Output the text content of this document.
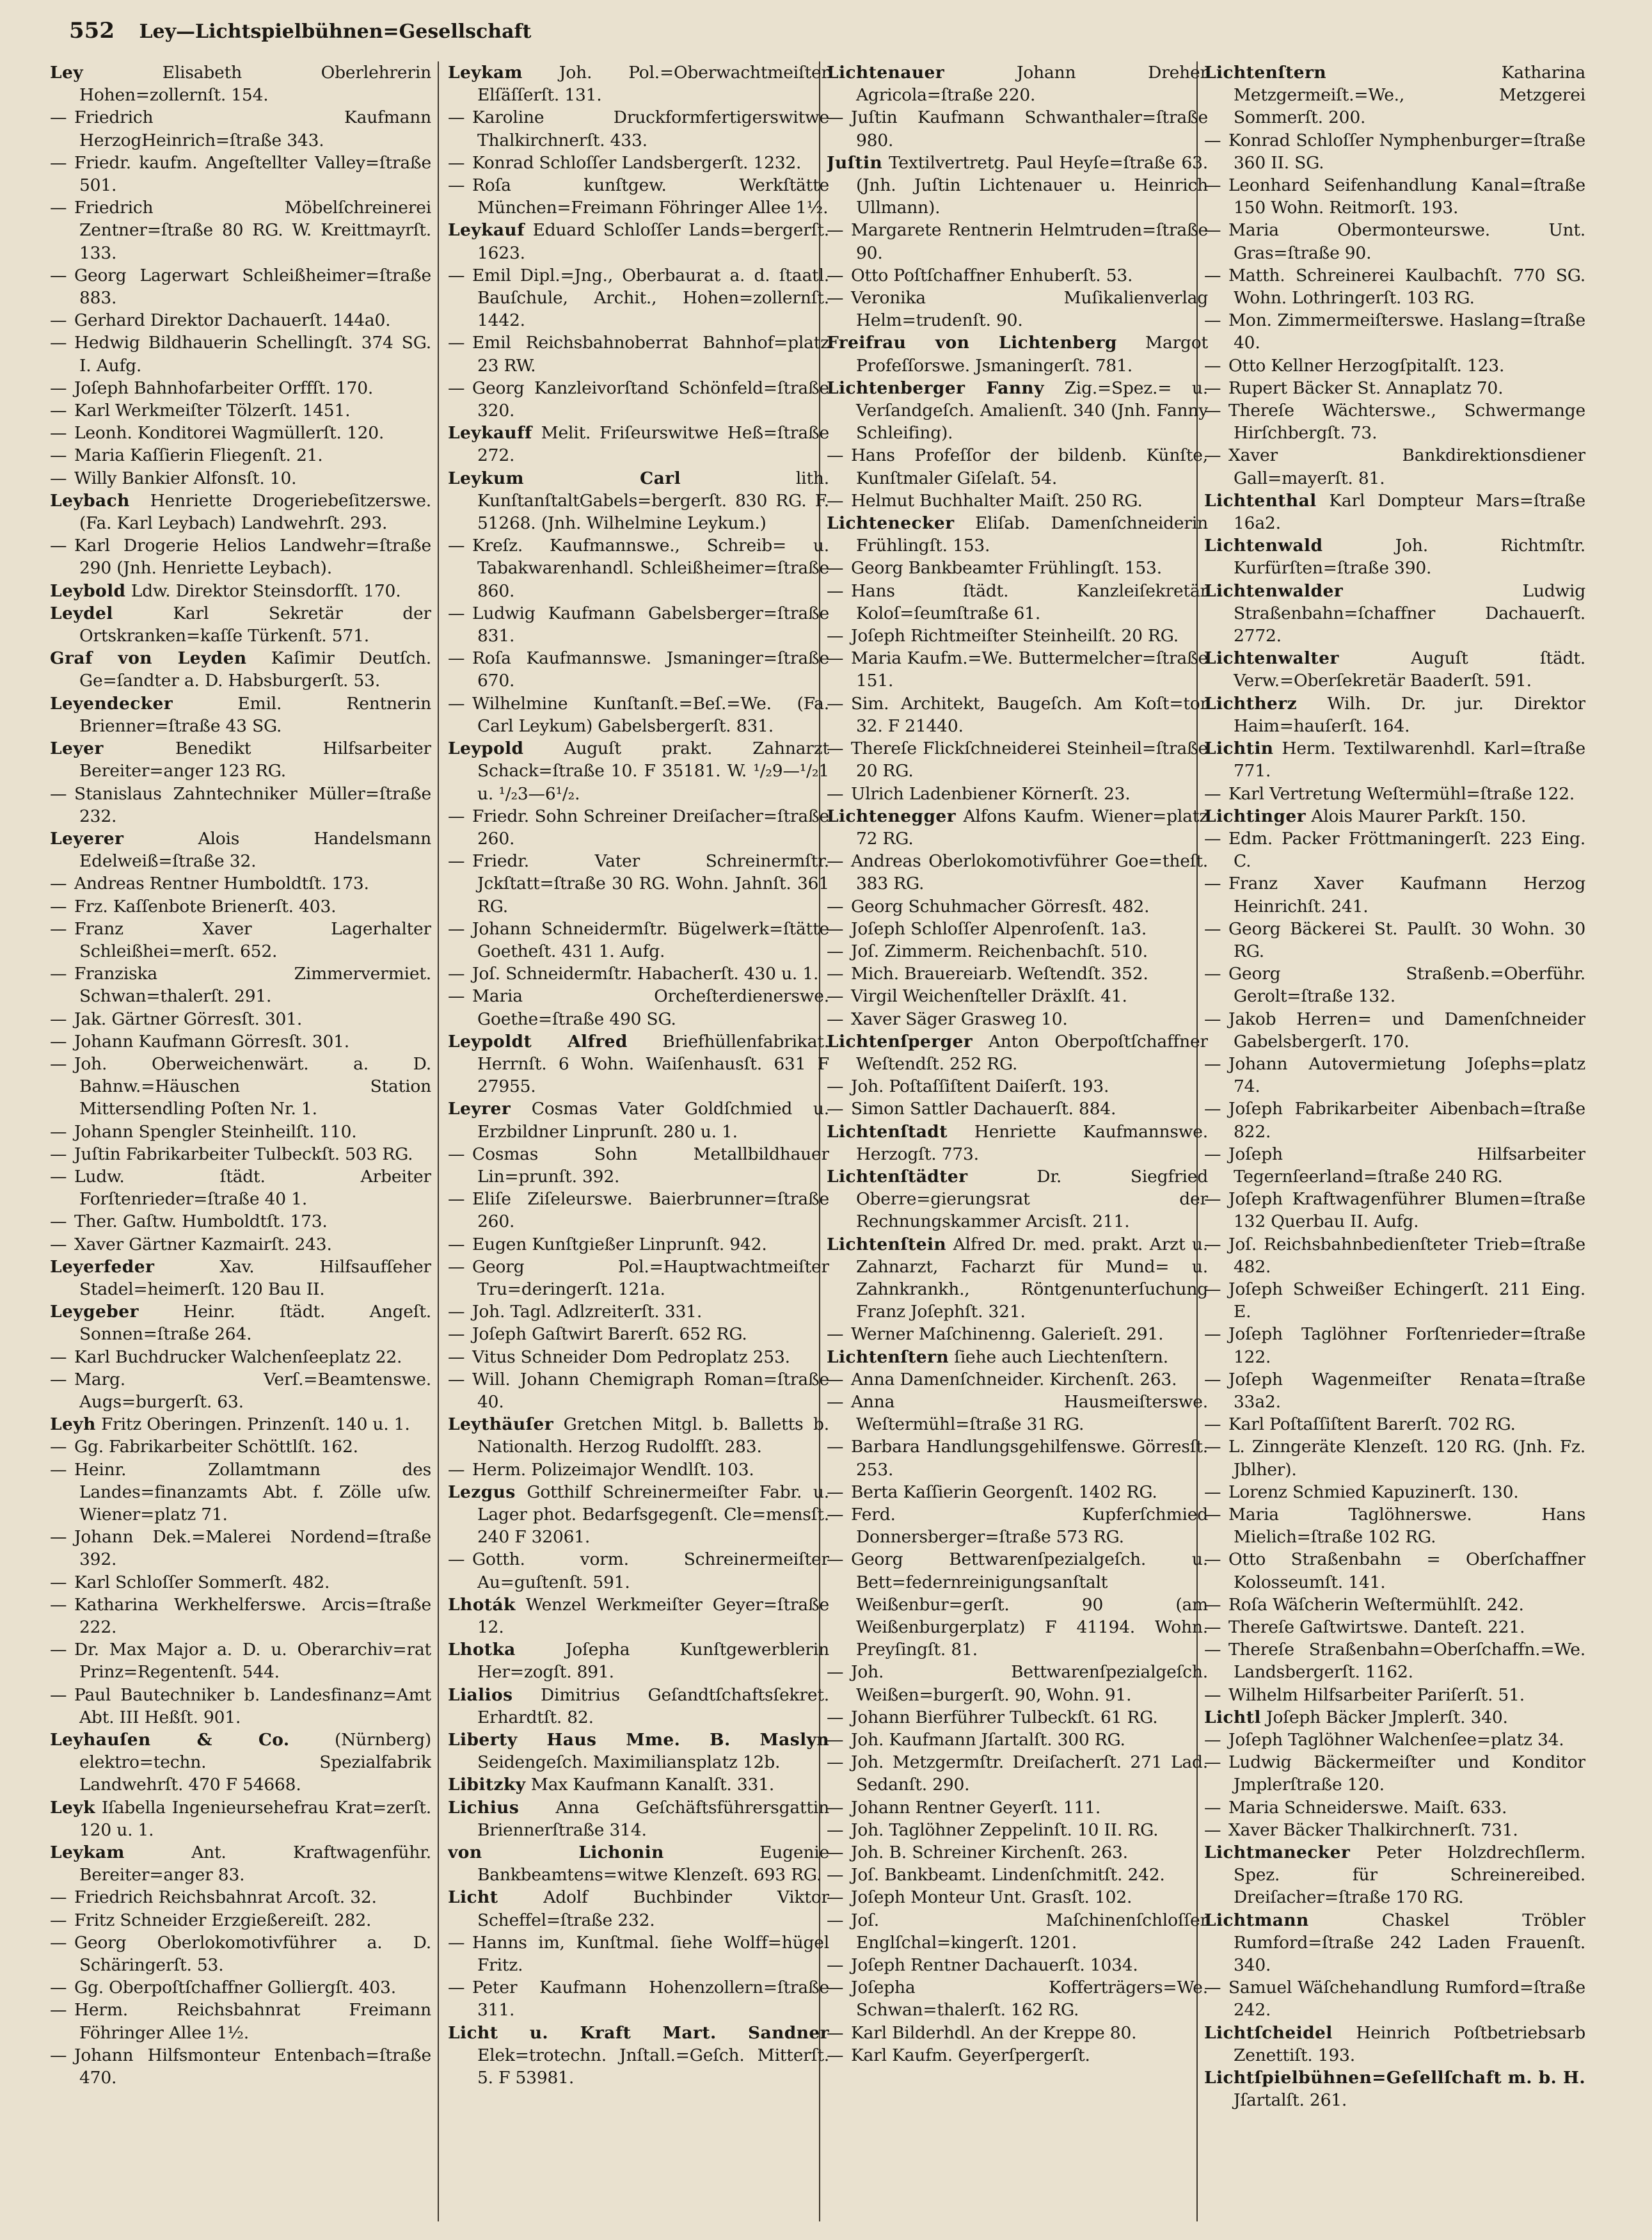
552 Ley—Lichtspielbühnen=Gesellschaft

Ley	Elisabeth Oberlehrerin Hohen=zollernſt. 154.

— Friedrich Kaufmann HerzogHeinrich=ſtraße 343.

— Friedr. kaufm. Angeſtellter Valley=ſtraße 501.

— Friedrich Möbelſchreinerei Zentner=ſtraße 80 RG. W. Kreittmayrſt. 133.

— Georg Lagerwart Schleißheimer=ſtraße 883.

— Gerhard Direktor Dachauerſt. 144a0.

— Hedwig Bildhauerin Schellingſt. 374 SG. I. Aufg.

— Joſeph Bahnhofarbeiter Orffſt. 170.

— Karl Werkmeiſter Tölzerſt. 1451.

— Leonh. Konditorei Wagmüllerſt. 120.

— Maria Kaſſierin Fliegenſt. 21.

— Willy Bankier Alfonsſt. 10.

Leybach Henriette Drogeriebeſitzerswe. (Fa. Karl Leybach) Landwehrſt. 293.

— Karl Drogerie Helios Landwehr=ſtraße 290 (Jnh. Henriette Leybach).

Leybold Ldw. Direktor Steinsdorfſt. 170.

Leydel	Karl Sekretär der Ortskranken=kaſſe Türkenſt. 571.

Graf von Leyden Kaſimir Deutſch. Ge=ſandter a. D. Habsburgerſt. 53.

Leyendecker	Emil. Rentnerin Brienner=ſtraße 43 SG.

Leyer	Benedikt Hilfsarbeiter Bereiter=anger 123 RG.

— Stanislaus Zahntechniker Müller=ſtraße 232.

Leyerer	Alois Handelsmann Edelweiß=ſtraße 32.

— Andreas Rentner Humboldtſt. 173.

— Frz. Kaſſenbote Brienerſt. 403.

— Franz Xaver Lagerhalter Schleißhei=merſt. 652.

— Franziska Zimmervermiet. Schwan=thalerſt. 291.

— Jak. Gärtner Görresſt. 301.

— Johann Kaufmann Görresſt. 301.

— Joh. Oberweichenwärt. a. D. Bahnw.=Häuschen Station Mittersendling Poſten Nr. 1.

— Johann Spengler Steinheilſt. 110.

— Juſtin Fabrikarbeiter Tulbeckſt. 503 RG.

— Ludw. ſtädt. Arbeiter Forſtenrieder=ſtraße 40 1.

— Ther. Gaſtw. Humboldtſt. 173.

— Xaver Gärtner Kazmairſt. 243.

Leyerfeder	Xav. Hilfsaufſeher Stadel=heimerſt. 120 Bau II.

Leygeber	Heinr. ſtädt. Angeſt. Sonnen=ſtraße 264.

— Karl Buchdrucker Walchenſeeplatz 22.

— Marg. Verſ.=Beamtenswe. Augs=burgerſt. 63.

Leyh Fritz Oberingen. Prinzenſt. 140 u. 1.

— Gg. Fabrikarbeiter Schöttlſt. 162.

— Heinr. Zollamtmann des Landes=finanzamts Abt. f. Zölle uſw. Wiener=platz 71.

— Johann Dek.=Malerei Nordend=ſtraße 392.

— Karl Schloſſer Sommerſt. 482.

— Katharina Werkhelferswe. Arcis=ſtraße 222.

— Dr. Max Major a. D. u. Oberarchiv=rat Prinz=Regentenſt. 544.

— Paul Bautechniker b. Landesfinanz=Amt Abt. III Heßſt. 901.

Leyhauſen & Co.	(Nürnberg) elektro=techn. Spezialfabrik Landwehrſt. 470 F 54668.

Leyk Iſabella Ingenieursehefrau Krat=zerſt. 120 u. 1.

Leykam	Ant. Kraftwagenführ. Bereiter=anger 83.

— Friedrich Reichsbahnrat Arcoſt. 32.

— Fritz Schneider Erzgießereiſt. 282.

— Georg Oberlokomotivführer a. D. Schäringerſt. 53.

— Gg. Oberpoſtſchaffner Golliergſt. 403.

— Herm. Reichsbahnrat Freimann Föhringer Allee 1½.

— Johann Hilfsmonteur Entenbach=ſtraße 470.

Leykam Joh. Pol.=Oberwachtmeiſter Elſäſſerſt. 131.

— Karoline Druckformfertigerswitwe Thalkirchnerſt. 433.

— Konrad Schloſſer Landsbergerſt. 1232.

— Roſa kunſtgew. Werkſtätte München=Freimann Föhringer Allee 1½.

Leykauf Eduard Schloſſer Lands=bergerſt. 1623.

— Emil Dipl.=Jng., Oberbaurat a. d. ſtaatl. Bauſchule, Archit., Hohen=zollernſt. 1442.

— Emil Reichsbahnoberrat Bahnhof=platz 23 RW.

— Georg Kanzleivorſtand Schönfeld=ſtraße 320.

Leykauff Melit. Friſeurswitwe Heß=ſtraße 272.

Leykum Carl	lith. KunſtanſtaltGabels=bergerſt. 830 RG. F. 51268. (Jnh. Wilhelmine Leykum.)

— Kreſz. Kaufmannswe., Schreib= u. Tabakwarenhandl. Schleißheimer=ſtraße 860.

— Ludwig Kaufmann Gabelsberger=ſtraße 831.

— Roſa Kaufmannswe. Jsmaninger=ſtraße 670.

— Wilhelmine Kunſtanſt.=Beſ.=We. (Fa. Carl Leykum) Gabelsbergerſt. 831.

Leypold Auguſt prakt. Zahnarzt Schack=ſtraße 10. F 35181. W. ¹/₂9—¹/₂1 u. ¹/₂3—6¹/₂.

— Friedr. Sohn Schreiner Dreiſacher=ſtraße 260.

— Friedr. Vater Schreinermſtr. Jckſtatt=ſtraße 30 RG. Wohn. Jahnſt. 361 RG.

— Johann Schneidermſtr. Bügelwerk=ſtätte Goetheſt. 431 1. Aufg.

— Joſ. Schneidermſtr. Habacherſt. 430 u. 1.

— Maria Orcheſterdienerswe. Goethe=ſtraße 490 SG.

Leypoldt Alfred Briefhüllenfabrikat. Herrnſt. 6 Wohn. Waiſenhausſt. 631 F 27955.

Leyrer Cosmas Vater Goldſchmied u. Erzbildner Linprunſt. 280 u. 1.

— Cosmas Sohn Metallbildhauer Lin=prunſt. 392.

— Eliſe Ziſeleurswe. Baierbrunner=ſtraße 260.

— Eugen Kunſtgießer Linprunſt. 942.

— Georg Pol.=Hauptwachtmeiſter Tru=deringerſt. 121a.

— Joh. Tagl. Adlzreiterſt. 331.

— Joſeph Gaſtwirt Barerſt. 652 RG.

— Vitus Schneider Dom Pedroplatz 253.

— Will. Johann Chemigraph Roman=ſtraße 40.

Leythäuſer Gretchen Mitgl. b. Balletts b. Nationalth. Herzog Rudolfſt. 283.

— Herm. Polizeimajor Wendlſt. 103.

Lezgus Gotthilf Schreinermeiſter Fabr. u. Lager phot. Bedarfsgegenſt. Cle=mensſt. 240 F 32061.

— Gotth. vorm. Schreinermeiſter Au=guſtenſt. 591.

Lhoták Wenzel Werkmeiſter Geyer=ſtraße 12.

Lhotka	Joſepha Kunſtgewerblerin Her=zogſt. 891.

Lialios Dimitrius Geſandtſchaftsſekret. Erhardtſt. 82.

Liberty Haus Mme. B. Maslyn Seidengeſch. Maximiliansplatz 12b.

Libitzky Max Kaufmann Kanalſt. 331.

Lichius Anna Geſchäftsführersgattin Briennerſtraße 314.

von Lichonin	Eugenie Bankbeamtens=witwe Klenzeſt. 693 RG.

Licht	Adolf Buchbinder Viktor Scheffel=ſtraße 232.

— Hanns im, Kunſtmal. ſiehe Wolff=hügel Fritz.

— Peter Kaufmann Hohenzollern=ſtraße 311.

Licht u. Kraft Mart. Sandner Elek=trotechn. Jnſtall.=Geſch. Mitterſt. 5. F 53981.

Lichtenauer	Johann Dreher Agricola=ſtraße 220.

— Juſtin Kaufmann Schwanthaler=ſtraße 980.

Juſtin Textilvertretg. Paul Heyſe=ſtraße 63. (Jnh. Juſtin Lichtenauer u. Heinrich Ullmann).

— Margarete Rentnerin Helmtruden=ſtraße 90.

— Otto Poſtſchaffner Enhuberſt. 53.

— Veronika Muſikalienverlag Helm=trudenſt. 90.

Freifrau von Lichtenberg Margot Profeſſorswe. Jsmaningerſt. 781.

Lichtenberger Fanny Zig.=Spez.= u. Verſandgeſch. Amalienſt. 340 (Jnh. Fanny Schleifing).

— Hans Profeſſor der bildenb. Künſte, Kunſtmaler Giſelaſt. 54.

— Helmut Buchhalter Maiſt. 250 RG.

Lichtenecker Eliſab. Damenſchneiderin Frühlingſt. 153.

— Georg Bankbeamter Frühlingſt. 153.

— Hans ſtädt. Kanzleiſekretär Koloſ=ſeumſtraße 61.

— Joſeph Richtmeiſter Steinheilſt. 20 RG.

— Maria Kaufm.=We. Buttermelcher=ſtraße 151.

— Sim. Architekt, Baugeſch. Am Koſt=tor 32. F 21440.

— Thereſe Flickſchneiderei Steinheil=ſtraße 20 RG.

— Ulrich Ladenbiener Körnerſt. 23.

Lichtenegger Alfons Kaufm. Wiener=platz 72 RG.

— Andreas Oberlokomotivführer Goe=theſt. 383 RG.

— Georg Schuhmacher Görresſt. 482.

— Joſeph Schloſſer Alpenroſenſt. 1a3.

— Joſ. Zimmerm. Reichenbachſt. 510.

— Mich. Brauereiarb. Weſtendſt. 352.

— Virgil Weichenſteller Dräxlſt. 41.

— Xaver Säger Grasweg 10.

Lichtenſperger Anton Oberpoſtſchaffner Weſtendſt. 252 RG.

— Joh. Poſtaſſiſtent Daiſerſt. 193.

— Simon Sattler Dachauerſt. 884.

Lichtenſtadt Henriette Kaufmannswe. Herzogſt. 773.

Lichtenſtädter	Dr. Siegfried Oberre=gierungsrat der Rechnungskammer Arcisſt. 211.

Lichtenſtein Alfred Dr. med. prakt. Arzt u. Zahnarzt, Facharzt für Mund= u. Zahnkrankh., Röntgenunterſuchung Franz Joſephſt. 321.

— Werner Maſchinenng. Galerieſt. 291.

Lichtenſtern ſiehe auch Liechtenſtern.

— Anna Damenſchneider. Kirchenſt. 263.

— Anna Hausmeiſterswe. Weſtermühl=ſtraße 31 RG.

— Barbara Handlungsgehilfenswe. Görresſt. 253.

— Berta Kaſſierin Georgenſt. 1402 RG.

— Ferd. Kupferſchmied Donnersberger=ſtraße 573 RG.

— Georg Bettwarenſpezialgeſch. u. Bett=federnreinigungsanſtalt Weißenbur=gerſt. 90 (am Weißenburgerplatz) F 41194. Wohn. Preyſingſt. 81.

— Joh. Bettwarenſpezialgeſch. Weißen=burgerſt. 90, Wohn. 91.

— Johann Bierführer Tulbeckſt. 61 RG.

— Joh. Kaufmann Jſartalſt. 300 RG.

— Joh. Metzgermſtr. Dreiſacherſt. 271 Lad. Sedanſt. 290.

— Johann Rentner Geyerſt. 111.

— Joh. Taglöhner Zeppelinſt. 10 II. RG.

— Joh. B. Schreiner Kirchenſt. 263.

— Joſ. Bankbeamt. Lindenſchmitſt. 242.

— Joſeph Monteur Unt. Grasſt. 102.

— Joſ. Maſchinenſchloſſer Englſchal=kingerſt. 1201.

— Joſeph Rentner Dachauerſt. 1034.

— Joſepha Kofferträgers=We. Schwan=thalerſt. 162 RG.

— Karl Bilderhdl. An der Kreppe 80.

— Karl Kaufm. Geyerſpergerſt.

Lichtenſtern	Katharina Metzgermeiſt.=We., Metzgerei Sommerſt. 200.

— Konrad Schloſſer Nymphenburger=ſtraße 360 II. SG.

— Leonhard Seifenhandlung Kanal=ſtraße 150 Wohn. Reitmorſt. 193.

— Maria Obermonteurswe. Unt. Gras=ſtraße 90.

— Matth. Schreinerei Kaulbachſt. 770 SG. Wohn. Lothringerſt. 103 RG.

— Mon. Zimmermeiſterswe. Haslang=ſtraße 40.

— Otto Kellner Herzogſpitalſt. 123.

— Rupert Bäcker St. Annaplatz 70.

— Thereſe Wächterswe., Schwermange Hirſchbergſt. 73.

— Xaver Bankdirektionsdiener Gall=mayerſt. 81.

Lichtenthal Karl Dompteur Mars=ſtraße 16a2.

Lichtenwald	Joh. Richtmſtr. Kurfürſten=ſtraße 390.

Lichtenwalder	Ludwig Straßenbahn=ſchaffner Dachauerſt. 2772.

Lichtenwalter	Auguſt ſtädt. Verw.=Oberſekretär Baaderſt. 591.

Lichtherz Wilh. Dr. jur. Direktor Haim=hauſerſt. 164.

Lichtin Herm. Textilwarenhdl. Karl=ſtraße 771.

— Karl Vertretung Weſtermühl=ſtraße 122.

Lichtinger Alois Maurer Parkſt. 150.

— Edm. Packer Fröttmaningerſt. 223 Eing. C.

— Franz Xaver Kaufmann Herzog Heinrichſt. 241.

— Georg Bäckerei St. Paulſt. 30 Wohn. 30 RG.

— Georg Straßenb.=Oberführ. Gerolt=ſtraße 132.

— Jakob Herren= und Damenſchneider Gabelsbergerſt. 170.

— Johann Autovermietung Joſephs=platz 74.

— Joſeph Fabrikarbeiter Aibenbach=ſtraße 822.

— Joſeph Hilfsarbeiter Tegernſeerland=ſtraße 240 RG.

— Joſeph Kraftwagenführer Blumen=ſtraße 132 Querbau II. Aufg.

— Joſ. Reichsbahnbedienſteter Trieb=ſtraße 482.

— Joſeph Schweißer Echingerſt. 211 Eing. E.

— Joſeph Taglöhner Forſtenrieder=ſtraße 122.

— Joſeph Wagenmeiſter Renata=ſtraße 33a2.

— Karl Poſtaſſiſtent Barerſt. 702 RG.

— L. Zinngeräte Klenzeſt. 120 RG. (Jnh. Fz. Jblher).

— Lorenz Schmied Kapuzinerſt. 130.

— Maria Taglöhnerswe. Hans Mielich=ſtraße 102 RG.

— Otto Straßenbahn = Oberſchaffner Kolosseumſt. 141.

— Roſa Wäſcherin Weſtermühlſt. 242.

— Thereſe Gaſtwirtswe. Danteſt. 221.

— Thereſe Straßenbahn=Oberſchaffn.=We. Landsbergerſt. 1162.

— Wilhelm Hilfsarbeiter Pariſerſt. 51.

Lichtl Joſeph Bäcker Jmplerſt. 340.

— Joſeph Taglöhner Walchenſee=platz 34.

— Ludwig Bäckermeiſter und Konditor Jmplerſtraße 120.

— Maria Schneiderswe. Maiſt. 633.

— Xaver Bäcker Thalkirchnerſt. 731.

Lichtmanecker Peter Holzdrechſlerm. Spez. für Schreinereibed. Dreiſacher=ſtraße 170 RG.

Lichtmann	Chaskel Tröbler Rumford=ſtraße 242 Laden Frauenſt. 340.

— Samuel Wäſchehandlung Rumford=ſtraße 242.

Lichtſcheidel Heinrich Poſtbetriebsarb Zenettiſt. 193.

Lichtſpielbühnen=Geſellſchaft m. b. H. Jſartalſt. 261.
